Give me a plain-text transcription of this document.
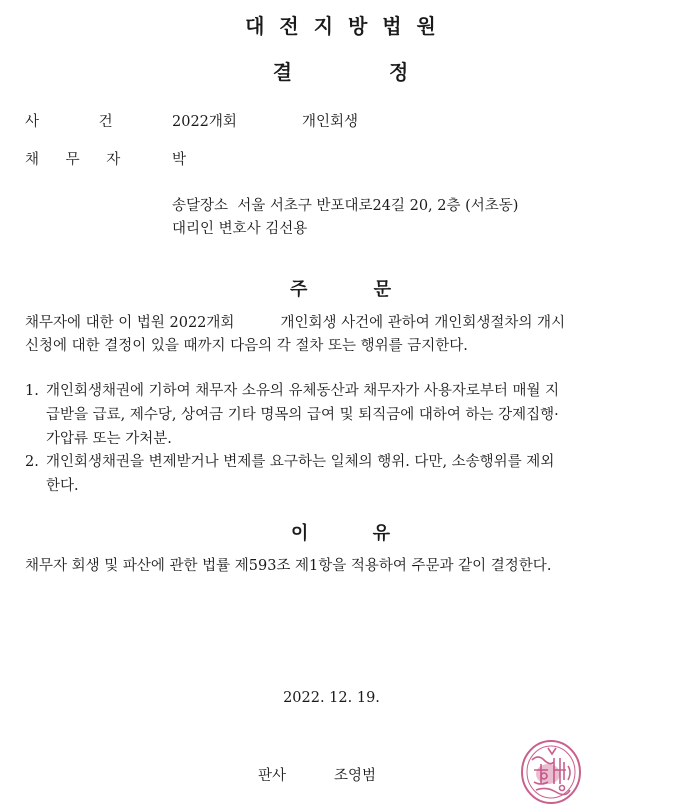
대 전 지 방 법 원
결 정
사 건	2022개회	개인회생
채 무 자	박
송달장소  서울 서초구 반포대로24길 20, 2층 (서초동)
대리인 변호사 김선용
주 문
채무자에 대한 이 법원 2022개회          개인회생 사건에 관하여 개인회생절차의 개시
신청에 대한 결정이 있을 때까지 다음의 각 절차 또는 행위를 금지한다.
1. 개인회생채권에 기하여 채무자 소유의 유체동산과 채무자가 사용자로부터 매월 지
급받을 급료, 제수당, 상여금 기타 명목의 급여 및 퇴직금에 대하여 하는 강제집행·
가압류 또는 가처분.
2. 개인회생채권을 변제받거나 변제를 요구하는 일체의 행위. 다만, 소송행위를 제외
한다.
이 유
채무자 회생 및 파산에 관한 법률 제593조 제1항을 적용하여 주문과 같이 결정한다.
2022. 12. 19.
판사	조영범
